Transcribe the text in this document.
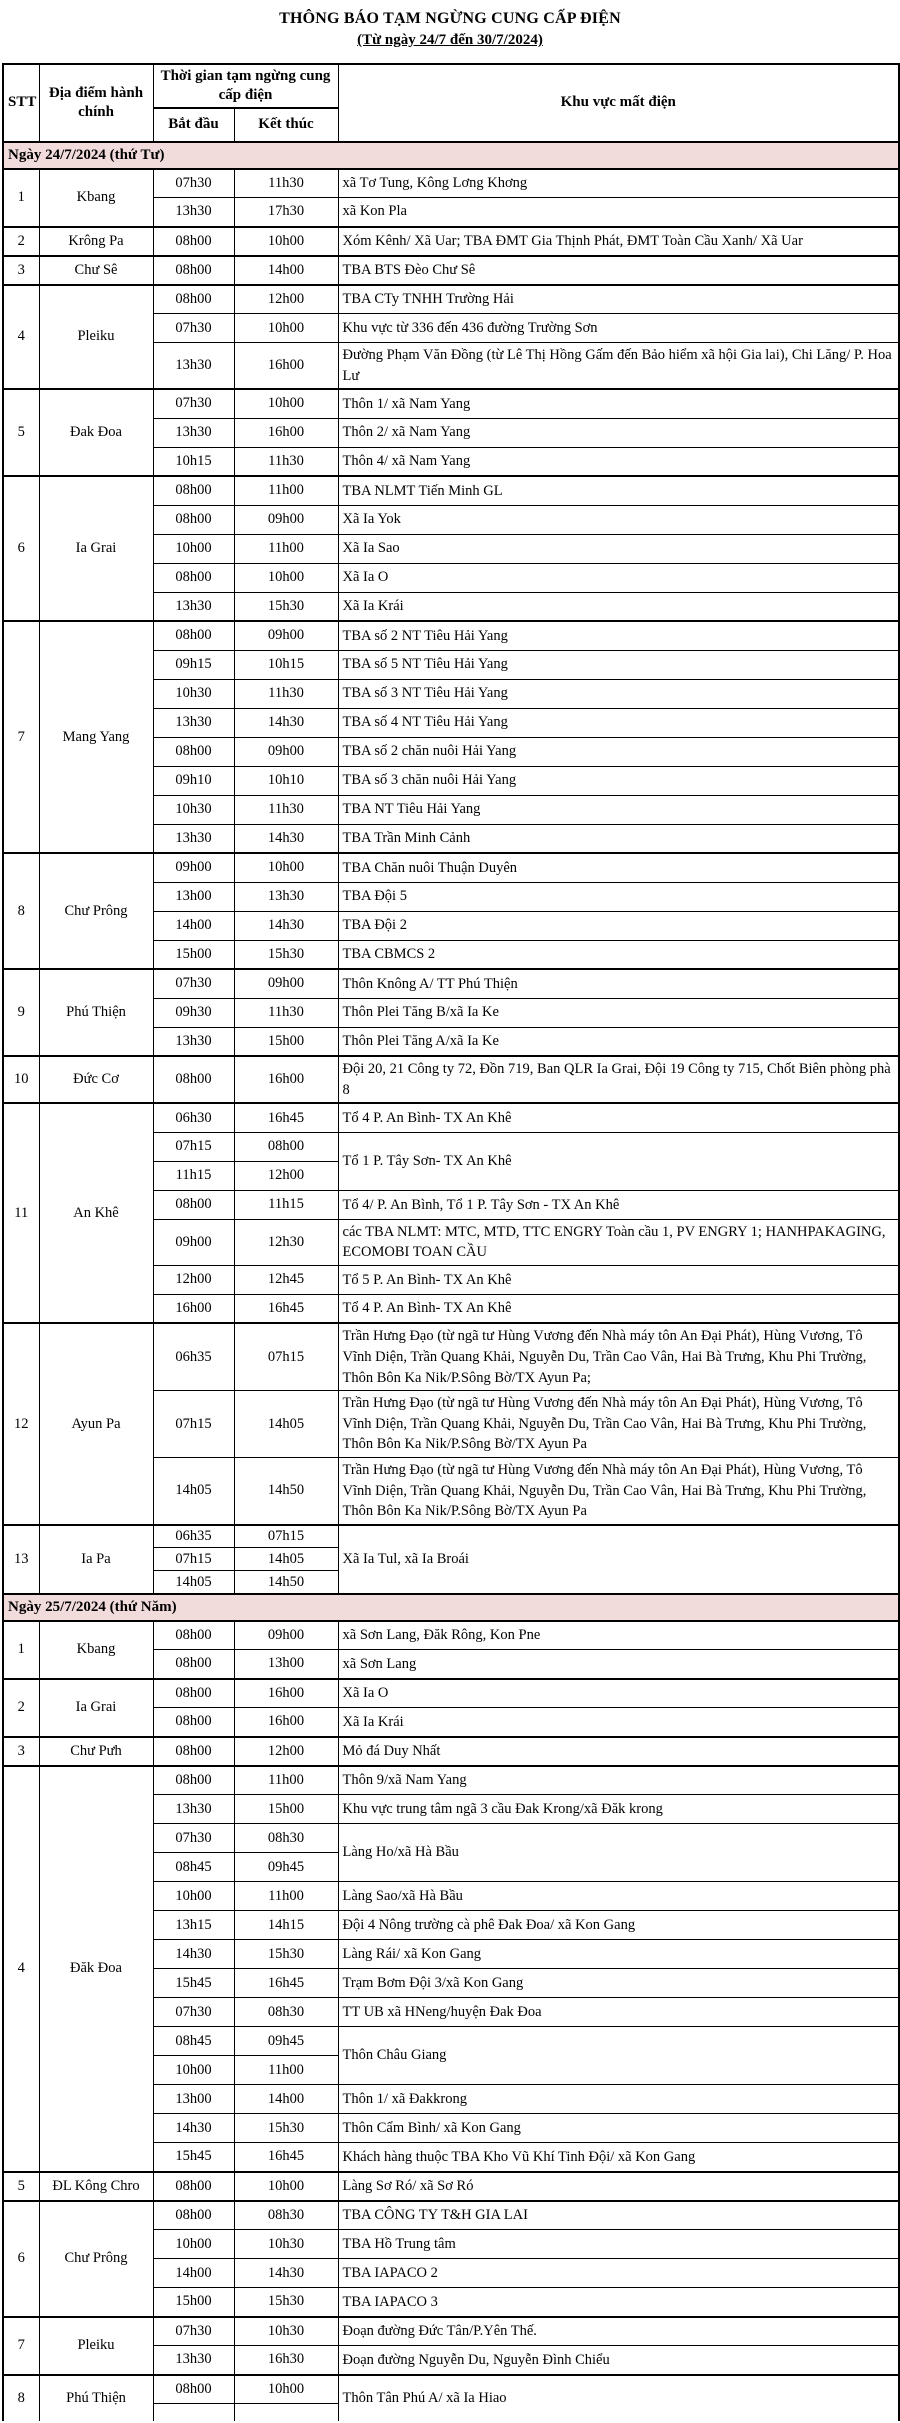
THÔNG BÁO TẠM NGỪNG CUNG CẤP ĐIỆN
(Từ ngày 24/7 đến 30/7/2024)
STT	Địa điểm hành chính	Thời gian tạm ngừng cung cấp điện		Khu vực mất điện
		Bắt đầu	Kết thúc	
Ngày 24/7/2024 (thứ Tư)				
1	Kbang	07h30	11h30	xã Tơ Tung, Kông Lơng Khơng
		13h30	17h30	xã Kon Pla
2	Krông Pa	08h00	10h00	Xóm Kênh/ Xã Uar; TBA ĐMT Gia Thịnh Phát, ĐMT Toàn Cầu Xanh/ Xã Uar
3	Chư Sê	08h00	14h00	TBA BTS Đèo Chư Sê
4	Pleiku	08h00	12h00	TBA CTy TNHH Trường Hải
		07h30	10h00	Khu vực từ 336 đến 436 đường Trường Sơn
		13h30	16h00	Đường Phạm Văn Đồng (từ Lê Thị Hồng Gấm đến Bảo hiểm xã hội Gia lai), Chi Lăng/ P. Hoa Lư
5	Đak Đoa	07h30	10h00	Thôn 1/ xã Nam Yang
		13h30	16h00	Thôn 2/ xã Nam Yang
		10h15	11h30	Thôn 4/ xã Nam Yang
6	Ia Grai	08h00	11h00	TBA NLMT Tiến Minh GL
		08h00	09h00	Xã Ia Yok
		10h00	11h00	Xã Ia Sao
		08h00	10h00	Xã Ia O
		13h30	15h30	Xã Ia Krái
7	Mang Yang	08h00	09h00	TBA số 2 NT Tiêu Hải Yang
		09h15	10h15	TBA số 5 NT Tiêu Hải Yang
		10h30	11h30	TBA số 3 NT Tiêu Hải Yang
		13h30	14h30	TBA số 4 NT Tiêu Hải Yang
		08h00	09h00	TBA số 2 chăn nuôi Hải Yang
		09h10	10h10	TBA số 3 chăn nuôi Hải Yang
		10h30	11h30	TBA NT Tiêu Hải Yang
		13h30	14h30	TBA Trần Minh Cảnh
8	Chư Prông	09h00	10h00	TBA Chăn nuôi Thuận Duyên
		13h00	13h30	TBA Đội 5
		14h00	14h30	TBA Đội 2
		15h00	15h30	TBA CBMCS 2
9	Phú Thiện	07h30	09h00	Thôn Knông A/ TT Phú Thiện
		09h30	11h30	Thôn Plei Tăng B/xã Ia Ke
		13h30	15h00	Thôn Plei Tăng A/xã Ia Ke
10	Đức Cơ	08h00	16h00	Đội 20, 21 Công ty 72, Đồn 719, Ban QLR Ia Grai, Đội 19 Công ty 715, Chốt Biên phòng phà 8
11	An Khê	06h30	16h45	Tổ 4 P. An Bình- TX An Khê
		07h15	08h00	Tổ 1 P. Tây Sơn- TX An Khê
		11h15	12h00	
		08h00	11h15	Tổ 4/ P. An Bình, Tổ 1 P. Tây Sơn - TX An Khê
		09h00	12h30	các TBA NLMT: MTC, MTD, TTC ENGRY Toàn cầu 1, PV ENGRY 1; HANHPAKAGING, ECOMOBI TOAN CẦU
		12h00	12h45	Tổ 5 P. An Bình- TX An Khê
		16h00	16h45	Tổ 4 P. An Bình- TX An Khê
12	Ayun Pa	06h35	07h15	Trần Hưng Đạo (từ ngã tư Hùng Vương đến Nhà máy tôn An Đại Phát), Hùng Vương, Tô Vĩnh Diện, Trần Quang Khải, Nguyễn Du, Trần Cao Vân, Hai Bà Trưng, Khu Phi Trường, Thôn Bôn Ka Nik/P.Sông Bờ/TX Ayun Pa;
		07h15	14h05	Trần Hưng Đạo (từ ngã tư Hùng Vương đến Nhà máy tôn An Đại Phát), Hùng Vương, Tô Vĩnh Diện, Trần Quang Khải, Nguyễn Du, Trần Cao Vân, Hai Bà Trưng, Khu Phi Trường, Thôn Bôn Ka Nik/P.Sông Bờ/TX Ayun Pa
		14h05	14h50	Trần Hưng Đạo (từ ngã tư Hùng Vương đến Nhà máy tôn An Đại Phát), Hùng Vương, Tô Vĩnh Diện, Trần Quang Khải, Nguyễn Du, Trần Cao Vân, Hai Bà Trưng, Khu Phi Trường, Thôn Bôn Ka Nik/P.Sông Bờ/TX Ayun Pa
13	Ia Pa	06h35	07h15	Xã Ia Tul, xã Ia Broái
		07h15	14h05	
		14h05	14h50	
Ngày 25/7/2024 (thứ Năm)				
1	Kbang	08h00	09h00	xã Sơn Lang, Đăk Rông, Kon Pne
		08h00	13h00	xã Sơn Lang
2	Ia Grai	08h00	16h00	Xã Ia O
		08h00	16h00	Xã Ia Krái
3	Chư Pưh	08h00	12h00	Mỏ đá Duy Nhất
4	Đăk Đoa	08h00	11h00	Thôn 9/xã Nam Yang
		13h30	15h00	Khu vực trung tâm ngã 3 cầu Đak Krong/xã Đăk krong
		07h30	08h30	Làng Ho/xã Hà Bầu
		08h45	09h45	
		10h00	11h00	Làng Sao/xã Hà Bầu
		13h15	14h15	Đội 4 Nông trường cà phê Đak Đoa/ xã Kon Gang
		14h30	15h30	Làng Rái/ xã Kon Gang
		15h45	16h45	Trạm Bơm Đội 3/xã Kon Gang
		07h30	08h30	TT UB xã HNeng/huyện Đak Đoa
		08h45	09h45	Thôn Châu Giang
		10h00	11h00	
		13h00	14h00	Thôn 1/ xã Đakkrong
		14h30	15h30	Thôn Cẩm Bình/ xã Kon Gang
		15h45	16h45	Khách hàng thuộc TBA Kho Vũ Khí Tinh Đội/ xã Kon Gang
5	ĐL Kông Chro	08h00	10h00	Làng Sơ Ró/ xã Sơ Ró
6	Chư Prông	08h00	08h30	TBA CÔNG TY T&H GIA LAI
		10h00	10h30	TBA Hồ Trung tâm
		14h00	14h30	TBA IAPACO 2
		15h00	15h30	TBA IAPACO 3
7	Pleiku	07h30	10h30	Đoạn đường Đức Tân/P.Yên Thế.
		13h30	16h30	Đoạn đường Nguyễn Du, Nguyễn Đình Chiểu
8	Phú Thiện	08h00	10h00	Thôn Tân Phú A/ xã Ia Hiao
